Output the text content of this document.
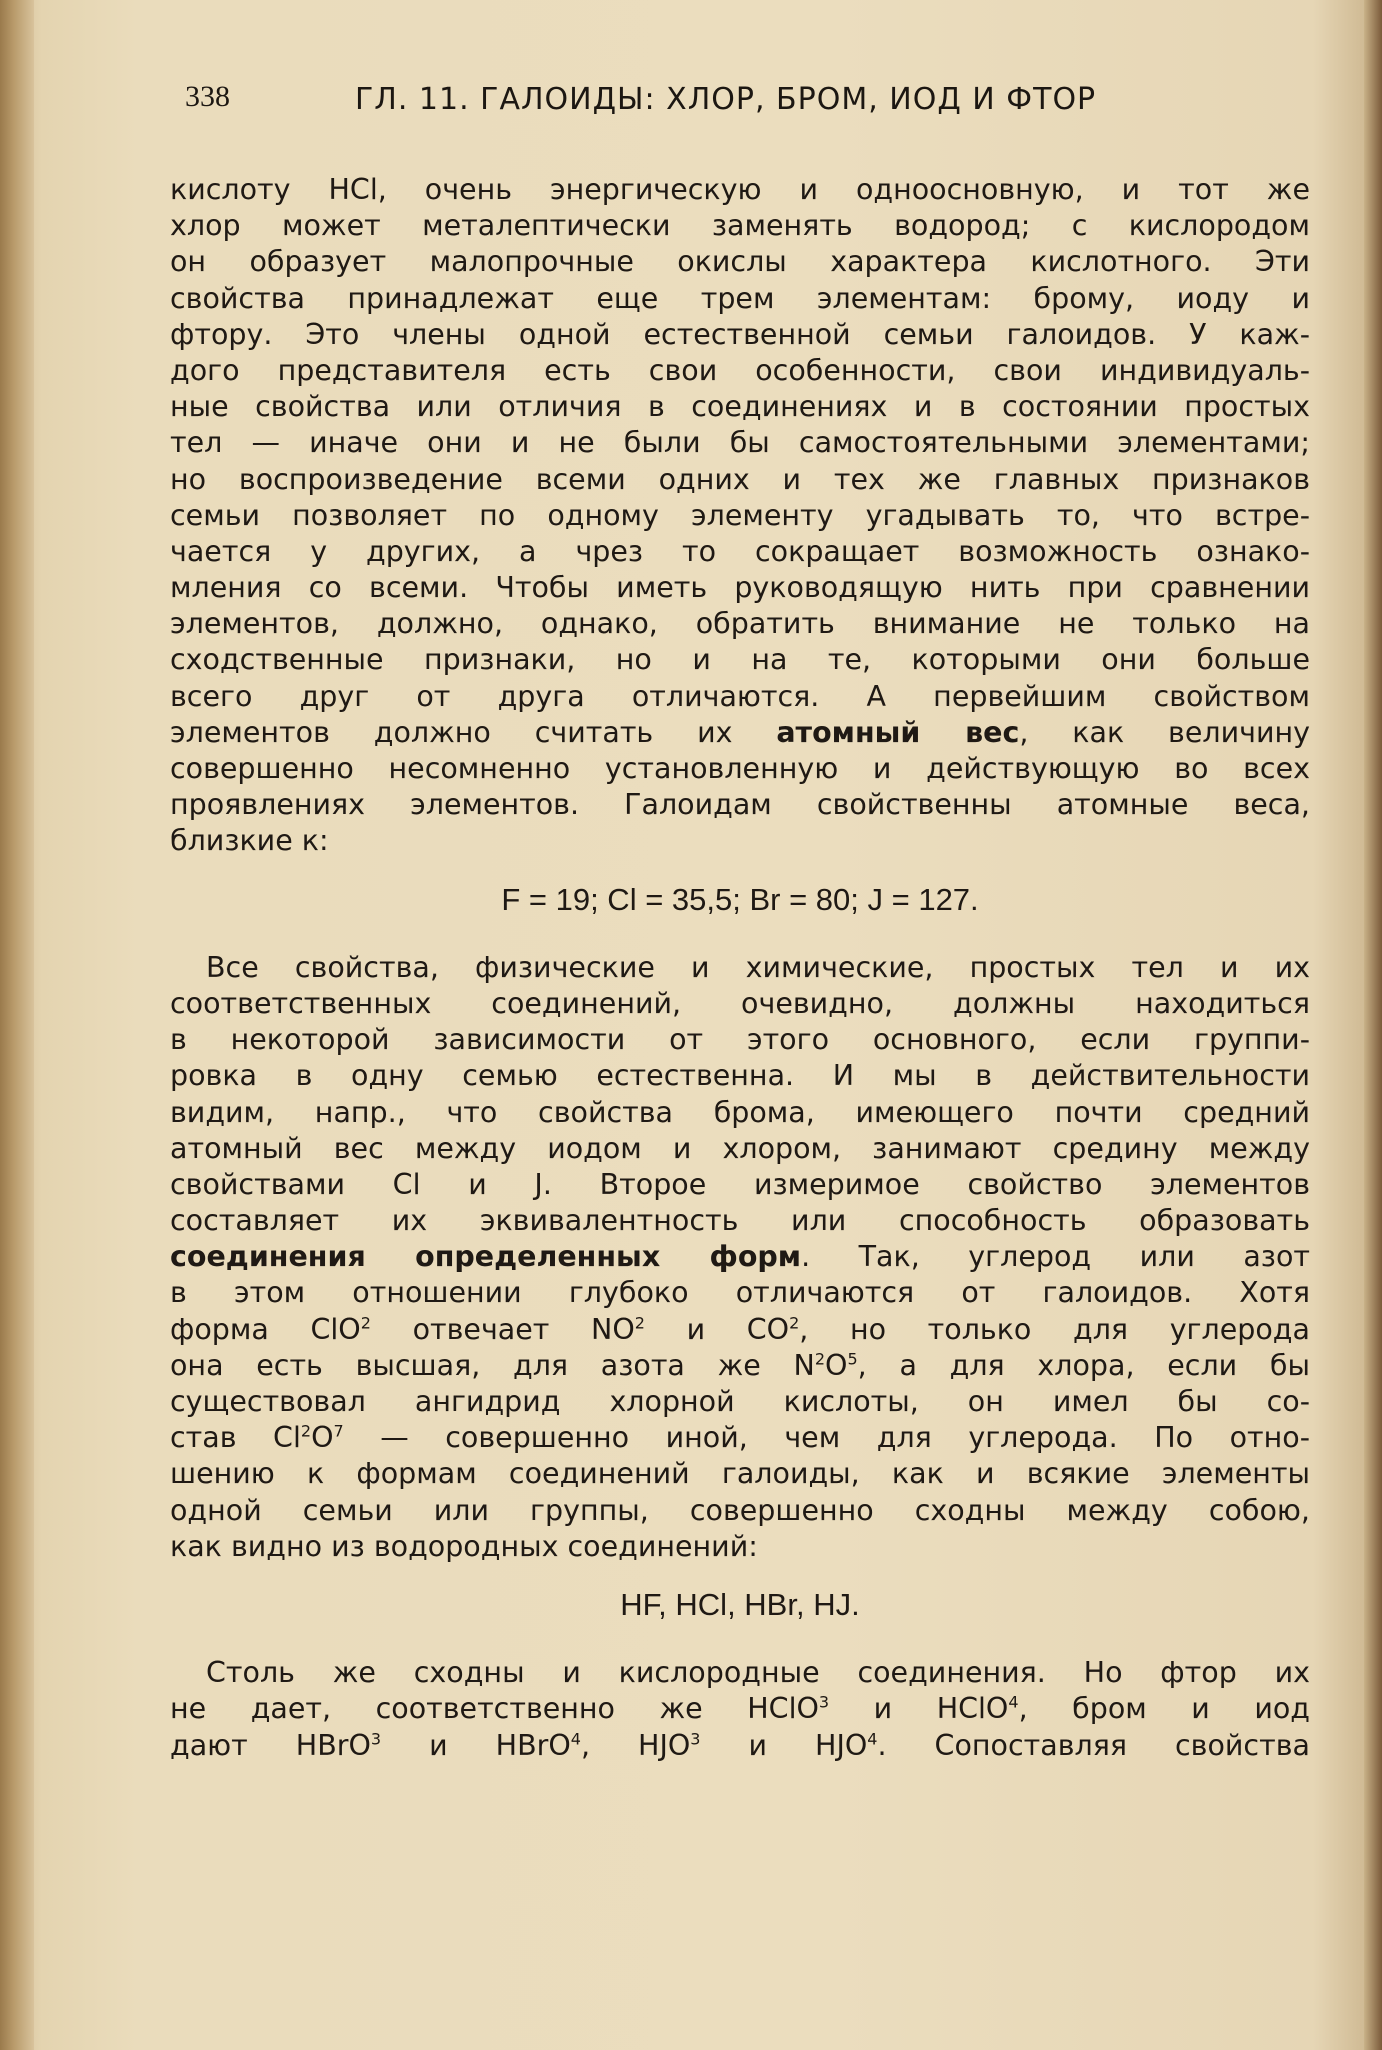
338	ГЛ. 11. ГАЛОИДЫ: ХЛОР, БРОМ, ИОД И ФТОР
кислоту HCl, очень энергическую и одноосновную, и тот же
хлор может металептически заменять водород; с кислородом
он образует малопрочные окислы характера кислотного. Эти
свойства принадлежат еще трем элементам: брому, иоду и
фтору. Это члены одной естественной семьи галоидов. У каж-
дого представителя есть свои особенности, свои индивидуаль-
ные свойства или отличия в соединениях и в состоянии простых
тел — иначе они и не были бы самостоятельными элементами;
но воспроизведение всеми одних и тех же главных признаков
семьи позволяет по одному элементу угадывать то, что встре-
чается у других, а чрез то сокращает возможность ознако-
мления со всеми. Чтобы иметь руководящую нить при сравнении
элементов, должно, однако, обратить внимание не только на
сходственные признаки, но и на те, которыми они больше
всего друг от друга отличаются. А первейшим свойством
элементов должно считать их атомный вес, как величину
совершенно несомненно установленную и действующую во всех
проявлениях элементов. Галоидам свойственны атомные веса,
близкие к:
F = 19; Cl = 35,5; Br = 80; J = 127.
Все свойства, физические и химические, простых тел и их
соответственных соединений, очевидно, должны находиться
в некоторой зависимости от этого основного, если группи-
ровка в одну семью естественна. И мы в действительности
видим, напр., что свойства брома, имеющего почти средний
атомный вес между иодом и хлором, занимают средину между
свойствами Cl и J. Второе измеримое свойство элементов
составляет их эквивалентность или способность образовать
соединения определенных форм. Так, углерод или азот
в этом отношении глубоко отличаются от галоидов. Хотя
форма ClO$^2$ отвечает $NO^2$ и $CO^2$, но только для углерода
она есть высшая, для азота же $N^2O^5$, а для хлора, если бы
существовал ангидрид хлорной кислоты, он имел бы со-
став $Cl^2O^7$ — совершенно иной, чем для углерода. По отно-
шению к формам соединений галоиды, как и всякие элементы
одной семьи или группы, совершенно сходны между собою,
как видно из водородных соединений:
HF, HCl, HBr, HJ.
Столь же сходны и кислородные соединения. Но фтор их
не дает, соответственно же HClO$^3$ и HClO$^4$, бром и иод
дают HBrO$^3$ и HBrO$^4$, HJO$^3$ и HJO$^4$. Сопоставляя свойства
